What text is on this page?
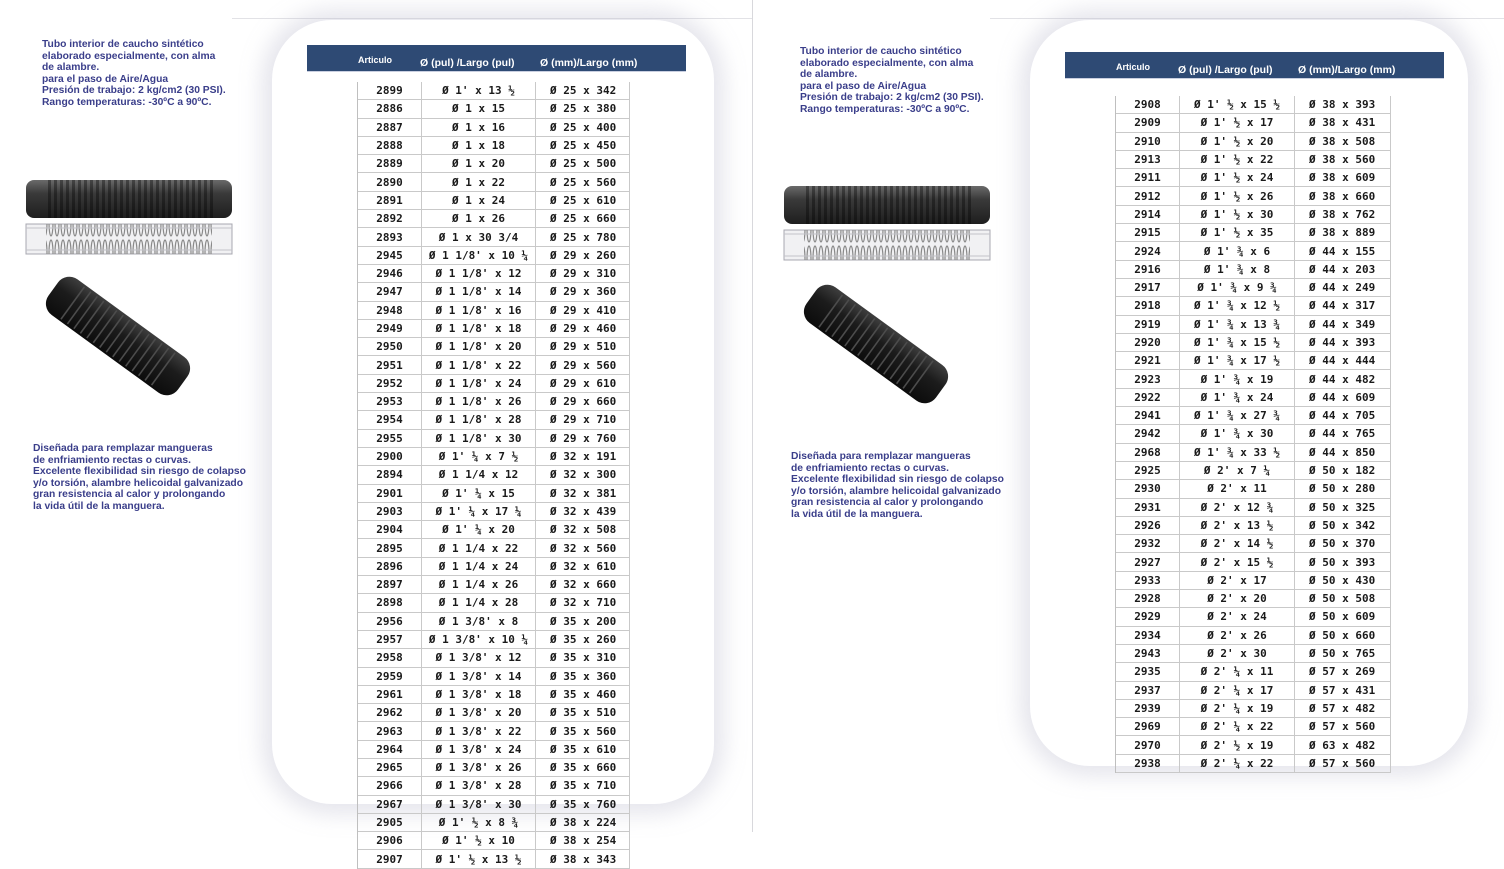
Tubo interior de caucho sintético
elaborado especialmente, con alma
de alambre.
para el paso de Aire/Agua
Presión de trabajo: 2 kg/cm2 (30 PSI).
Rango temperaturas: -30ºC a 90ºC.
Diseñada para remplazar mangueras
de enfriamiento rectas o curvas.
Excelente flexibilidad sin riesgo de colapso
y/o torsión, alambre helicoidal galvanizado
gran resistencia al calor y prolongando
la vida útil de la manguera.
Articulo	Ø (pul) /Largo (pul) Ø (mm)/Largo (mm)
2899	Ø 1' x 13 ½	Ø 25 x 342
2886	Ø 1 x 15	Ø 25 x 380
2887	Ø 1 x 16	Ø 25 x 400
2888	Ø 1 x 18	Ø 25 x 450
2889	Ø 1 x 20	Ø 25 x 500
2890	Ø 1 x 22	Ø 25 x 560
2891	Ø 1 x 24	Ø 25 x 610
2892	Ø 1 x 26	Ø 25 x 660
2893	Ø 1 x 30 3/4	Ø 25 x 780
2945	Ø 1 1/8' x 10 ¼	Ø 29 x 260
2946	Ø 1 1/8' x 12	Ø 29 x 310
2947	Ø 1 1/8' x 14	Ø 29 x 360
2948	Ø 1 1/8' x 16	Ø 29 x 410
2949	Ø 1 1/8' x 18	Ø 29 x 460
2950	Ø 1 1/8' x 20	Ø 29 x 510
2951	Ø 1 1/8' x 22	Ø 29 x 560
2952	Ø 1 1/8' x 24	Ø 29 x 610
2953	Ø 1 1/8' x 26	Ø 29 x 660
2954	Ø 1 1/8' x 28	Ø 29 x 710
2955	Ø 1 1/8' x 30	Ø 29 x 760
2900	Ø 1' ¼ x 7 ½	Ø 32 x 191
2894	Ø 1 1/4 x 12	Ø 32 x 300
2901	Ø 1' ¼ x 15	Ø 32 x 381
2903	Ø 1' ¼ x 17 ¼	Ø 32 x 439
2904	Ø 1' ¼ x 20	Ø 32 x 508
2895	Ø 1 1/4 x 22	Ø 32 x 560
2896	Ø 1 1/4 x 24	Ø 32 x 610
2897	Ø 1 1/4 x 26	Ø 32 x 660
2898	Ø 1 1/4 x 28	Ø 32 x 710
2956	Ø 1 3/8' x 8	Ø 35 x 200
2957	Ø 1 3/8' x 10 ¼	Ø 35 x 260
2958	Ø 1 3/8' x 12	Ø 35 x 310
2959	Ø 1 3/8' x 14	Ø 35 x 360
2961	Ø 1 3/8' x 18	Ø 35 x 460
2962	Ø 1 3/8' x 20	Ø 35 x 510
2963	Ø 1 3/8' x 22	Ø 35 x 560
2964	Ø 1 3/8' x 24	Ø 35 x 610
2965	Ø 1 3/8' x 26	Ø 35 x 660
2966	Ø 1 3/8' x 28	Ø 35 x 710
2967	Ø 1 3/8' x 30	Ø 35 x 760
2905	Ø 1' ½ x 8 ¾	Ø 38 x 224
2906	Ø 1' ½ x 10	Ø 38 x 254
2907	Ø 1' ½ x 13 ½	Ø 38 x 343
Tubo interior de caucho sintético
elaborado especialmente, con alma
de alambre.
para el paso de Aire/Agua
Presión de trabajo: 2 kg/cm2 (30 PSI).
Rango temperaturas: -30ºC a 90ºC.
Diseñada para remplazar mangueras
de enfriamiento rectas o curvas.
Excelente flexibilidad sin riesgo de colapso
y/o torsión, alambre helicoidal galvanizado
gran resistencia al calor y prolongando
la vida útil de la manguera.
Articulo	Ø (pul) /Largo (pul) Ø (mm)/Largo (mm)
2908	Ø 1' ½ x 15 ½	Ø 38 x 393
2909	Ø 1' ½ x 17	Ø 38 x 431
2910	Ø 1' ½ x 20	Ø 38 x 508
2913	Ø 1' ½ x 22	Ø 38 x 560
2911	Ø 1' ½ x 24	Ø 38 x 609
2912	Ø 1' ½ x 26	Ø 38 x 660
2914	Ø 1' ½ x 30	Ø 38 x 762
2915	Ø 1' ½ x 35	Ø 38 x 889
2924	Ø 1' ¾ x 6	Ø 44 x 155
2916	Ø 1' ¾ x 8	Ø 44 x 203
2917	Ø 1' ¾ x 9 ¾	Ø 44 x 249
2918	Ø 1' ¾ x 12 ½	Ø 44 x 317
2919	Ø 1' ¾ x 13 ¾	Ø 44 x 349
2920	Ø 1' ¾ x 15 ½	Ø 44 x 393
2921	Ø 1' ¾ x 17 ½	Ø 44 x 444
2923	Ø 1' ¾ x 19	Ø 44 x 482
2922	Ø 1' ¾ x 24	Ø 44 x 609
2941	Ø 1' ¾ x 27 ¾	Ø 44 x 705
2942	Ø 1' ¾ x 30	Ø 44 x 765
2968	Ø 1' ¾ x 33 ½	Ø 44 x 850
2925	Ø 2' x 7 ¼	Ø 50 x 182
2930	Ø 2' x 11	Ø 50 x 280
2931	Ø 2' x 12 ¾	Ø 50 x 325
2926	Ø 2' x 13 ½	Ø 50 x 342
2932	Ø 2' x 14 ½	Ø 50 x 370
2927	Ø 2' x 15 ½	Ø 50 x 393
2933	Ø 2' x 17	Ø 50 x 430
2928	Ø 2' x 20	Ø 50 x 508
2929	Ø 2' x 24	Ø 50 x 609
2934	Ø 2' x 26	Ø 50 x 660
2943	Ø 2' x 30	Ø 50 x 765
2935	Ø 2' ¼ x 11	Ø 57 x 269
2937	Ø 2' ¼ x 17	Ø 57 x 431
2939	Ø 2' ¼ x 19	Ø 57 x 482
2969	Ø 2' ¼ x 22	Ø 57 x 560
2970	Ø 2' ½ x 19	Ø 63 x 482
2938	Ø 2' ¼ x 22	Ø 57 x 560
